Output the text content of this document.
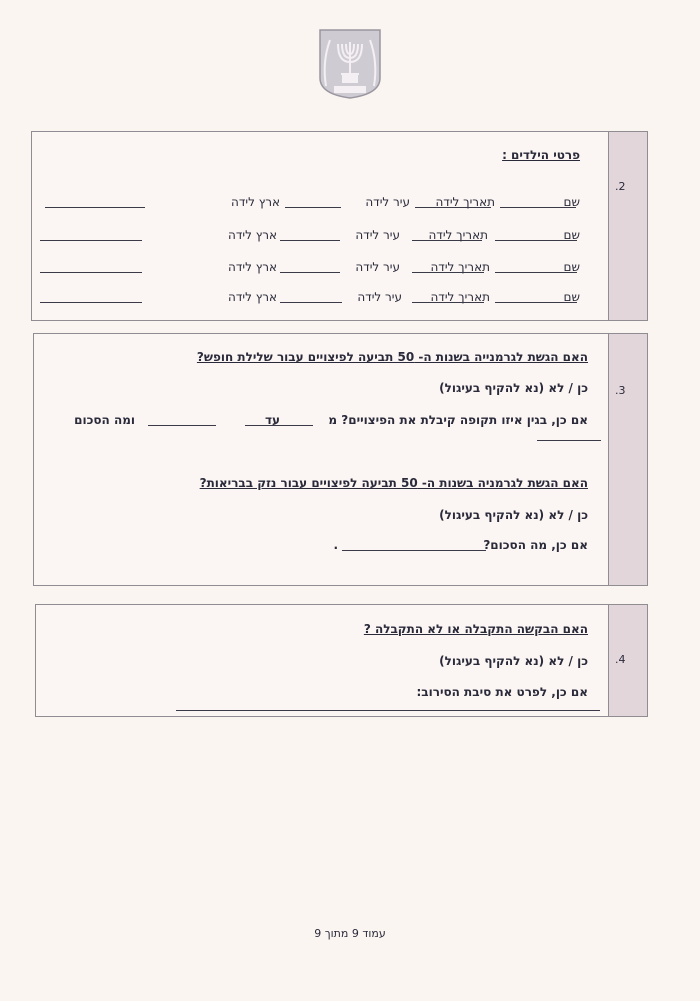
.2
פרטי הילדים :
שם
תאריך לידה
עיר לידה
ארץ לידה
שם
תאריך לידה
עיר לידה
ארץ לידה
שם
תאריך לידה
עיר לידה
ארץ לידה
שם
תאריך לידה
עיר לידה
ארץ לידה
.3
האם הגשת לגרמנייה בשנות ה- 50 תביעה לפיצויים עבור שלילת חופש?
כן / לא (נא להקיף בעיגול)
אם כן, בגין איזו תקופה קיבלת את הפיצויים? מ
עד
ומה הסכום
האם הגשת לגרמניה בשנות ה- 50 תביעה לפיצויים עבור נזק בבריאות?
כן / לא (נא להקיף בעיגול)
אם כן, מה הסכום?
.
.4
האם הבקשה התקבלה או לא התקבלה ?
כן / לא (נא להקיף בעיגול)
אם כן, לפרט את סיבת הסירוב:
עמוד 9 מתוך 9
